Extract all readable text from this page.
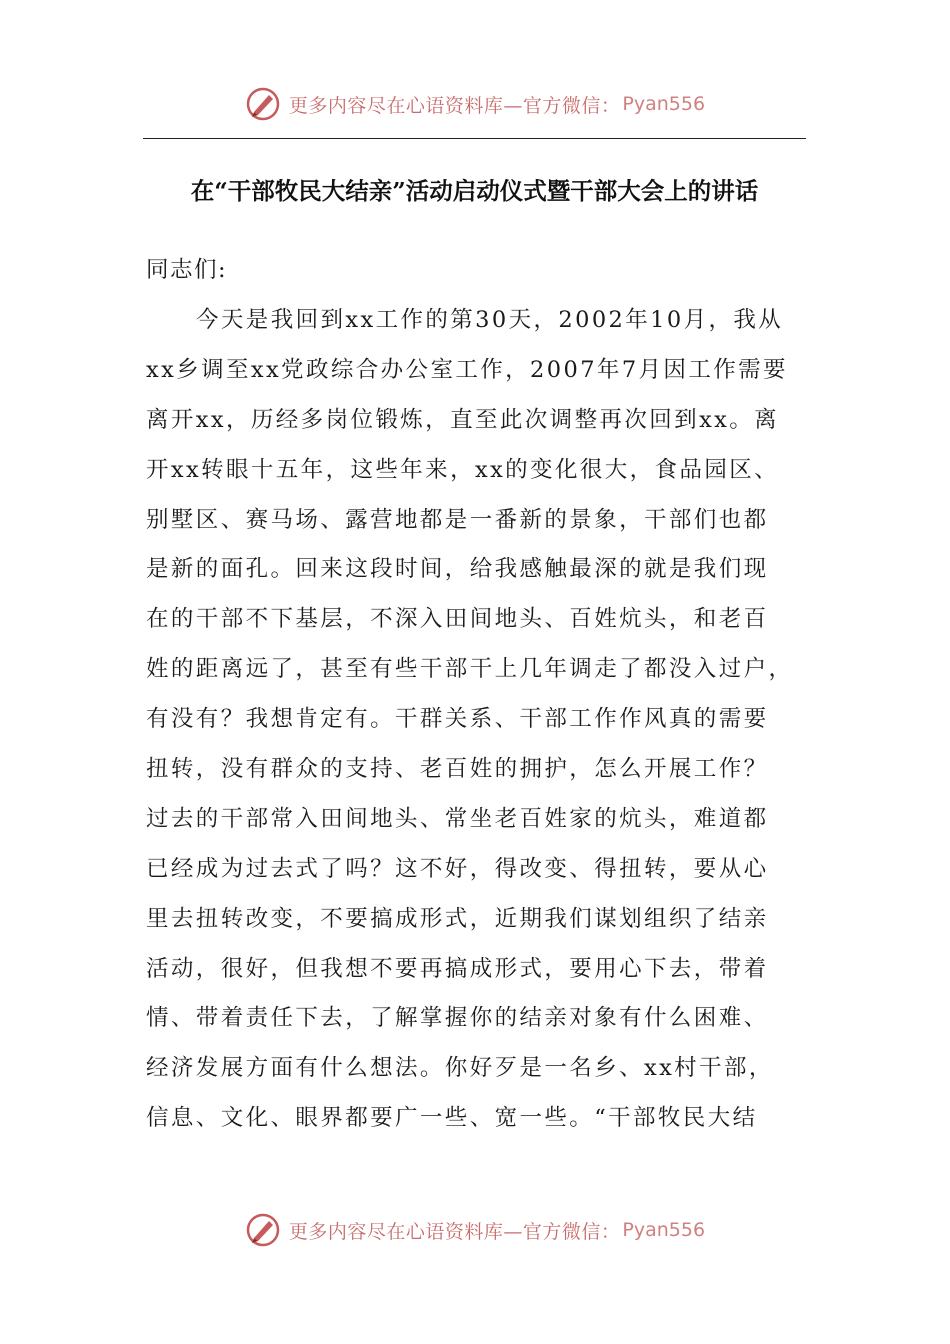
更多内容尽在心语资料库—官方微信： Pyan556
在“干部牧民大结亲”活动启动仪式暨干部大会上的讲话
同志们:
今天是我回到xx工作的第30天，2002年10月，我从
xx乡调至xx党政综合办公室工作，2007年7月因工作需要
离开xx，历经多岗位锻炼，直至此次调整再次回到xx。离
开xx转眼十五年，这些年来，xx的变化很大，食品园区、
别墅区、赛马场、露营地都是一番新的景象，干部们也都
是新的面孔。回来这段时间，给我感触最深的就是我们现
在的干部不下基层，不深入田间地头、百姓炕头，和老百
姓的距离远了，甚至有些干部干上几年调走了都没入过户，
有没有？我想肯定有。干群关系、干部工作作风真的需要
扭转，没有群众的支持、老百姓的拥护，怎么开展工作？
过去的干部常入田间地头、常坐老百姓家的炕头，难道都
已经成为过去式了吗？这不好，得改变、得扭转，要从心
里去扭转改变，不要搞成形式，近期我们谋划组织了结亲
活动，很好，但我想不要再搞成形式，要用心下去，带着
情、带着责任下去，了解掌握你的结亲对象有什么困难、
经济发展方面有什么想法。你好歹是一名乡、xx村干部，
信息、文化、眼界都要广一些、宽一些。“干部牧民大结
更多内容尽在心语资料库—官方微信： Pyan556
